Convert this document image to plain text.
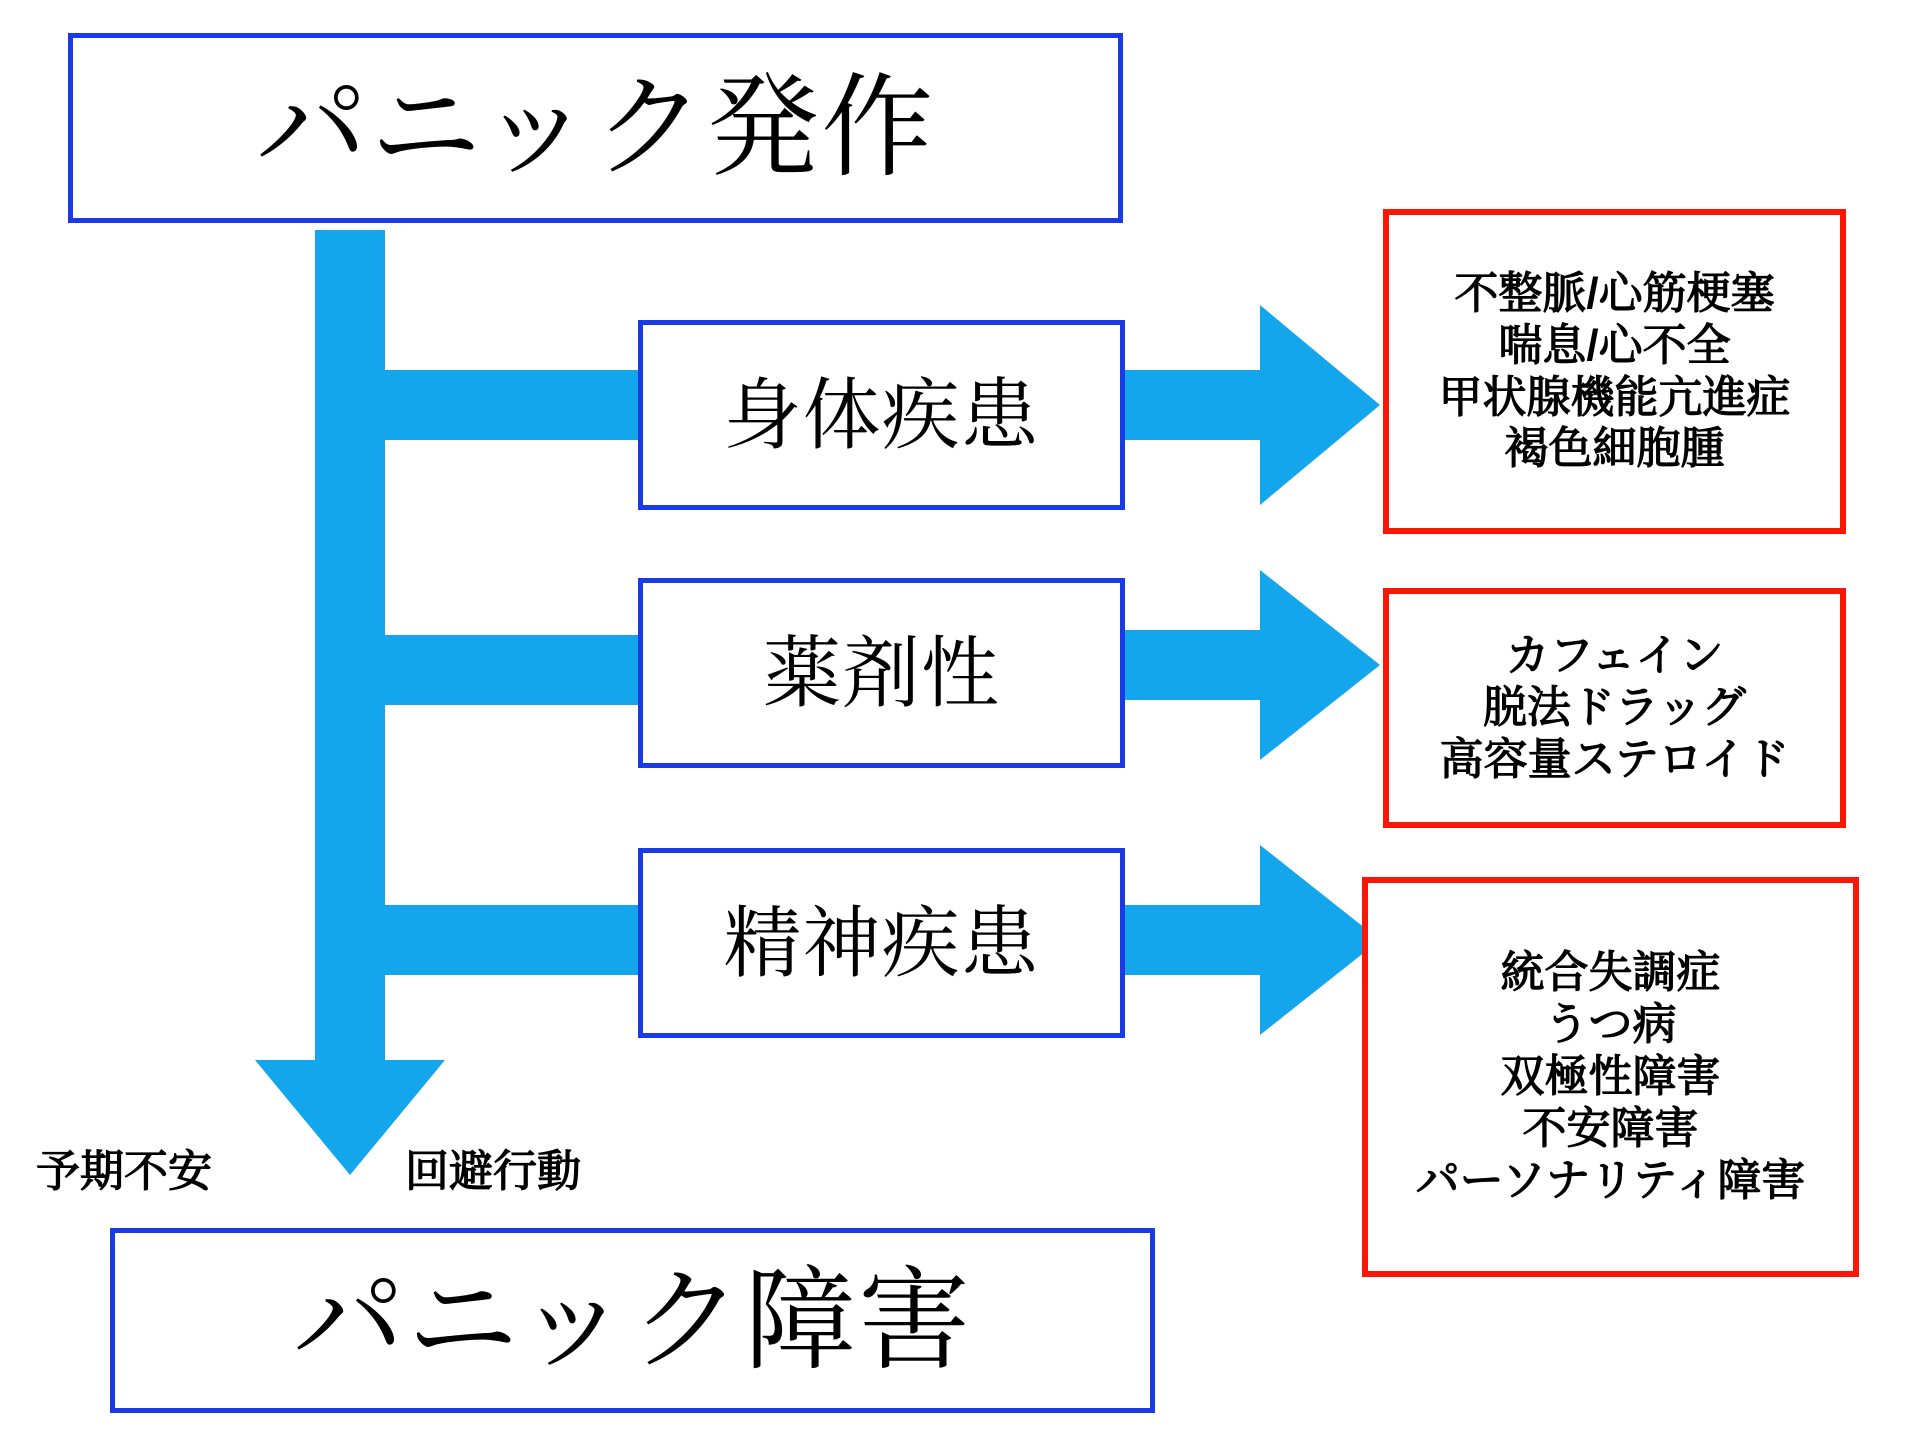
パニック発作
身体疾患
薬剤性
精神疾患
パニック障害
不整脈/心筋梗塞
喘息/心不全
甲状腺機能亢進症
褐色細胞腫
カフェイン
脱法ドラッグ
高容量ステロイド
統合失調症
うつ病
双極性障害
不安障害
パーソナリティ障害
予期不安	回避行動
